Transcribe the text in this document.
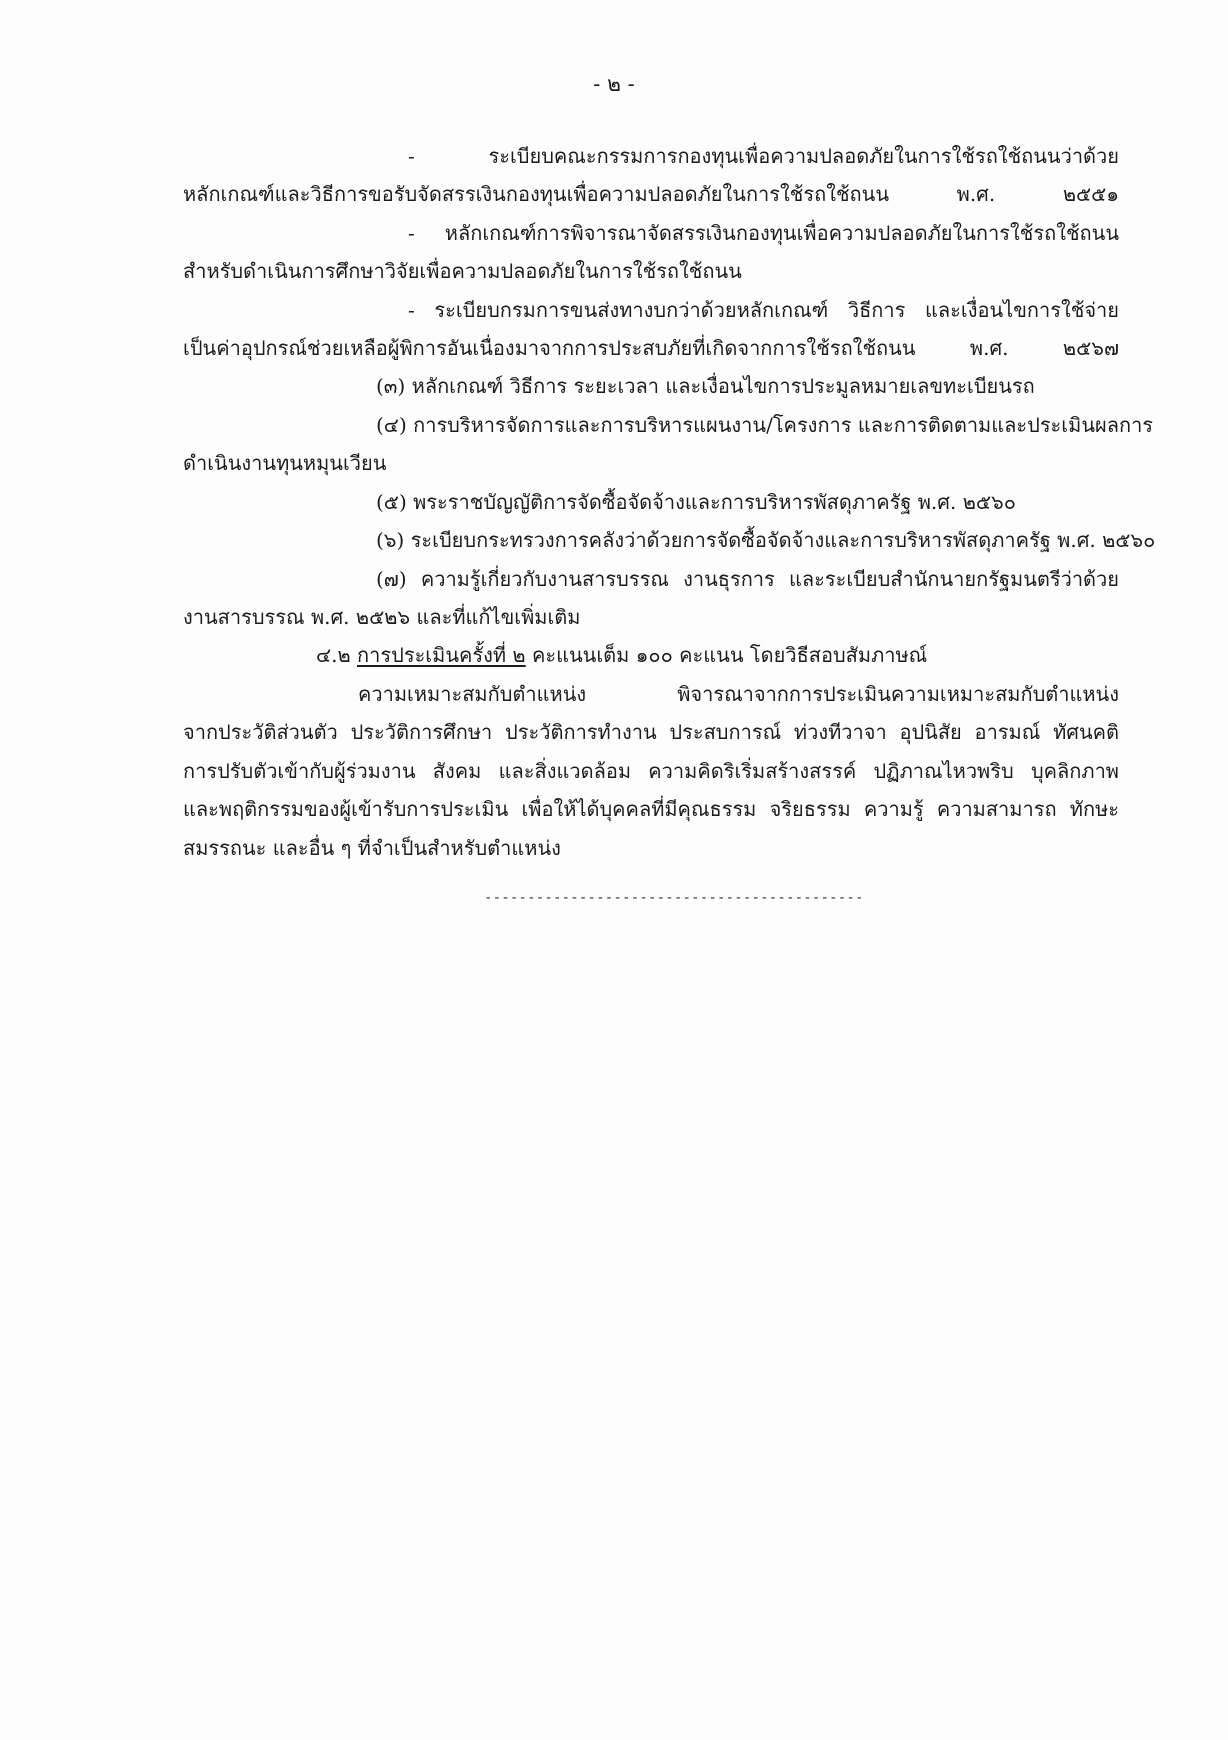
- ๒ -
- ระเบียบคณะกรรมการกองทุนเพื่อความปลอดภัยในการใช้รถใช้ถนนว่าด้วย
หลักเกณฑ์และวิธีการขอรับจัดสรรเงินกองทุนเพื่อความปลอดภัยในการใช้รถใช้ถนน พ.ศ. ๒๕๕๑
- หลักเกณฑ์การพิจารณาจัดสรรเงินกองทุนเพื่อความปลอดภัยในการใช้รถใช้ถนน
สำหรับดำเนินการศึกษาวิจัยเพื่อความปลอดภัยในการใช้รถใช้ถนน
- ระเบียบกรมการขนส่งทางบกว่าด้วยหลักเกณฑ์ วิธีการ และเงื่อนไขการใช้จ่าย
เป็นค่าอุปกรณ์ช่วยเหลือผู้พิการอันเนื่องมาจากการประสบภัยที่เกิดจากการใช้รถใช้ถนน พ.ศ. ๒๕๖๗
(๓) หลักเกณฑ์ วิธีการ ระยะเวลา และเงื่อนไขการประมูลหมายเลขทะเบียนรถ
(๔) การบริหารจัดการและการบริหารแผนงาน/โครงการ และการติดตามและประเมินผลการ
ดำเนินงานทุนหมุนเวียน
(๕) พระราชบัญญัติการจัดซื้อจัดจ้างและการบริหารพัสดุภาครัฐ พ.ศ. ๒๕๖๐
(๖) ระเบียบกระทรวงการคลังว่าด้วยการจัดซื้อจัดจ้างและการบริหารพัสดุภาครัฐ พ.ศ. ๒๕๖๐
(๗) ความรู้เกี่ยวกับงานสารบรรณ งานธุรการ และระเบียบสำนักนายกรัฐมนตรีว่าด้วย
งานสารบรรณ พ.ศ. ๒๕๒๖ และที่แก้ไขเพิ่มเติม
๔.๒ การประเมินครั้งที่ ๒ คะแนนเต็ม ๑๐๐ คะแนน โดยวิธีสอบสัมภาษณ์
ความเหมาะสมกับตำแหน่ง พิจารณาจากการประเมินความเหมาะสมกับตำแหน่ง
จากประวัติส่วนตัว ประวัติการศึกษา ประวัติการทำงาน ประสบการณ์ ท่วงทีวาจา อุปนิสัย อารมณ์ ทัศนคติ
การปรับตัวเข้ากับผู้ร่วมงาน สังคม และสิ่งแวดล้อม ความคิดริเริ่มสร้างสรรค์ ปฏิภาณไหวพริบ บุคลิกภาพ
และพฤติกรรมของผู้เข้ารับการประเมิน เพื่อให้ได้บุคคลที่มีคุณธรรม จริยธรรม ความรู้ ความสามารถ ทักษะ
สมรรถนะ และอื่น ๆ ที่จำเป็นสำหรับตำแหน่ง
--------------------------------------------
